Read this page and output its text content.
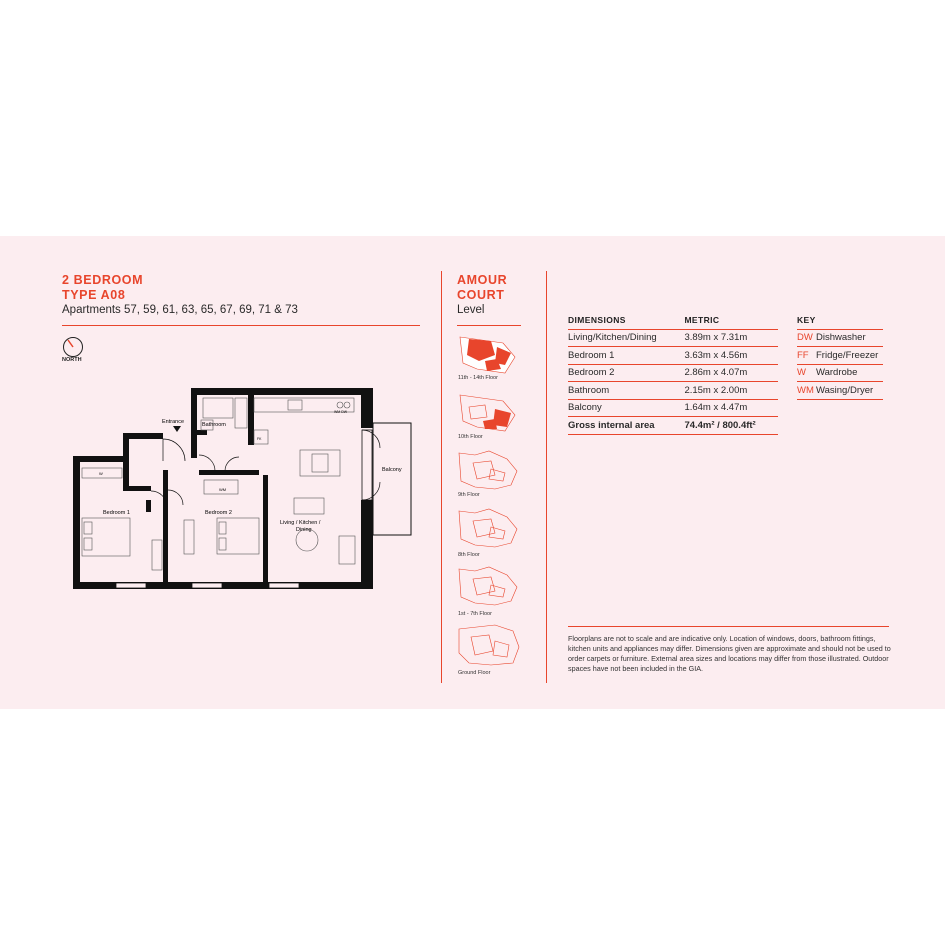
2 BEDROOM
TYPE A08
Apartments 57, 59, 61, 63, 65, 67, 69, 71 & 73
NORTH
Entrance	Bathroom
Bedroom 1	Bedroom 2
Living / Kitchen /
Dining
Balcony
WM
W
WM DW
FK
AMOUR
COURT
Level
11th - 14th Floor
10th Floor
9th Floor
8th Floor
1st - 7th Floor
Ground Floor
DIMENSIONS	METRIC
Living/Kitchen/Dining	3.89m x 7.31m
Bedroom 1	3.63m x 4.56m
Bedroom 2	2.86m x 4.07m
Bathroom	2.15m x 2.00m
Balcony	1.64m x 4.47m
Gross internal area	74.4m² / 800.4ft²
KEY	
DW	Dishwasher
FF	Fridge/Freezer
W	Wardrobe
WM	Wasing/Dryer
Floorplans are not to scale and are indicative only. Location of windows, doors, bathroom fittings, kitchen units and appliances may differ. Dimensions given are approximate and should not be used to order carpets or furniture. External area sizes and locations may differ from those illustrated. Outdoor spaces have not been included in the GIA.
